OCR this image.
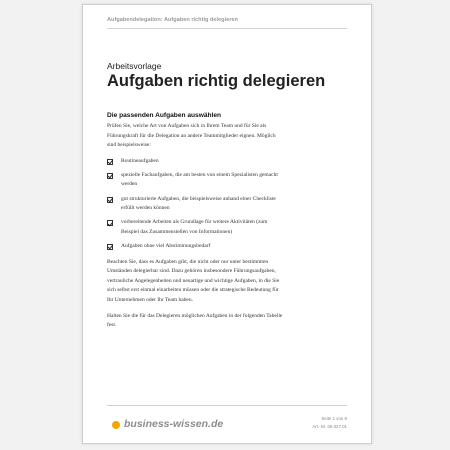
Aufgabendelegation: Aufgaben richtig delegieren
Arbeitsvorlage
Aufgaben richtig delegieren
Die passenden Aufgaben auswählen

Prüfen Sie, welche Art von Aufgaben sich in Ihrem Team und für Sie als Führungskraft für die Delegation an andere Teammitglieder eignen. Möglich sind beispielsweise:

Routineaufgaben
spezielle Fachaufgaben, die am besten von einem Spezialisten gemacht werden
gut strukturierte Aufgaben, die beispielsweise anhand einer Checkliste erfüllt werden können
vorbereitende Arbeiten als Grundlage für weitere Aktivitäten (zum Beispiel das Zusammenstellen von Informationen)
Aufgaben ohne viel Abstimmungsbedarf

Beachten Sie, dass es Aufgaben gibt, die nicht oder nur unter bestimmten Umständen delegierbar sind. Dazu gehören insbesondere Führungsaufgaben, vertrauliche Angelegenheiten und neuartige und wichtige Aufgaben, in die Sie sich selbst erst einmal einarbeiten müssen oder die strategische Bedeutung für Ihr Unternehmen oder Ihr Team haben.

Halten Sie die für das Delegieren möglichen Aufgaben in der folgenden Tabelle fest.

business-wissen.de	Seite 1 von 8
Art.-Nr. 06.027.01
